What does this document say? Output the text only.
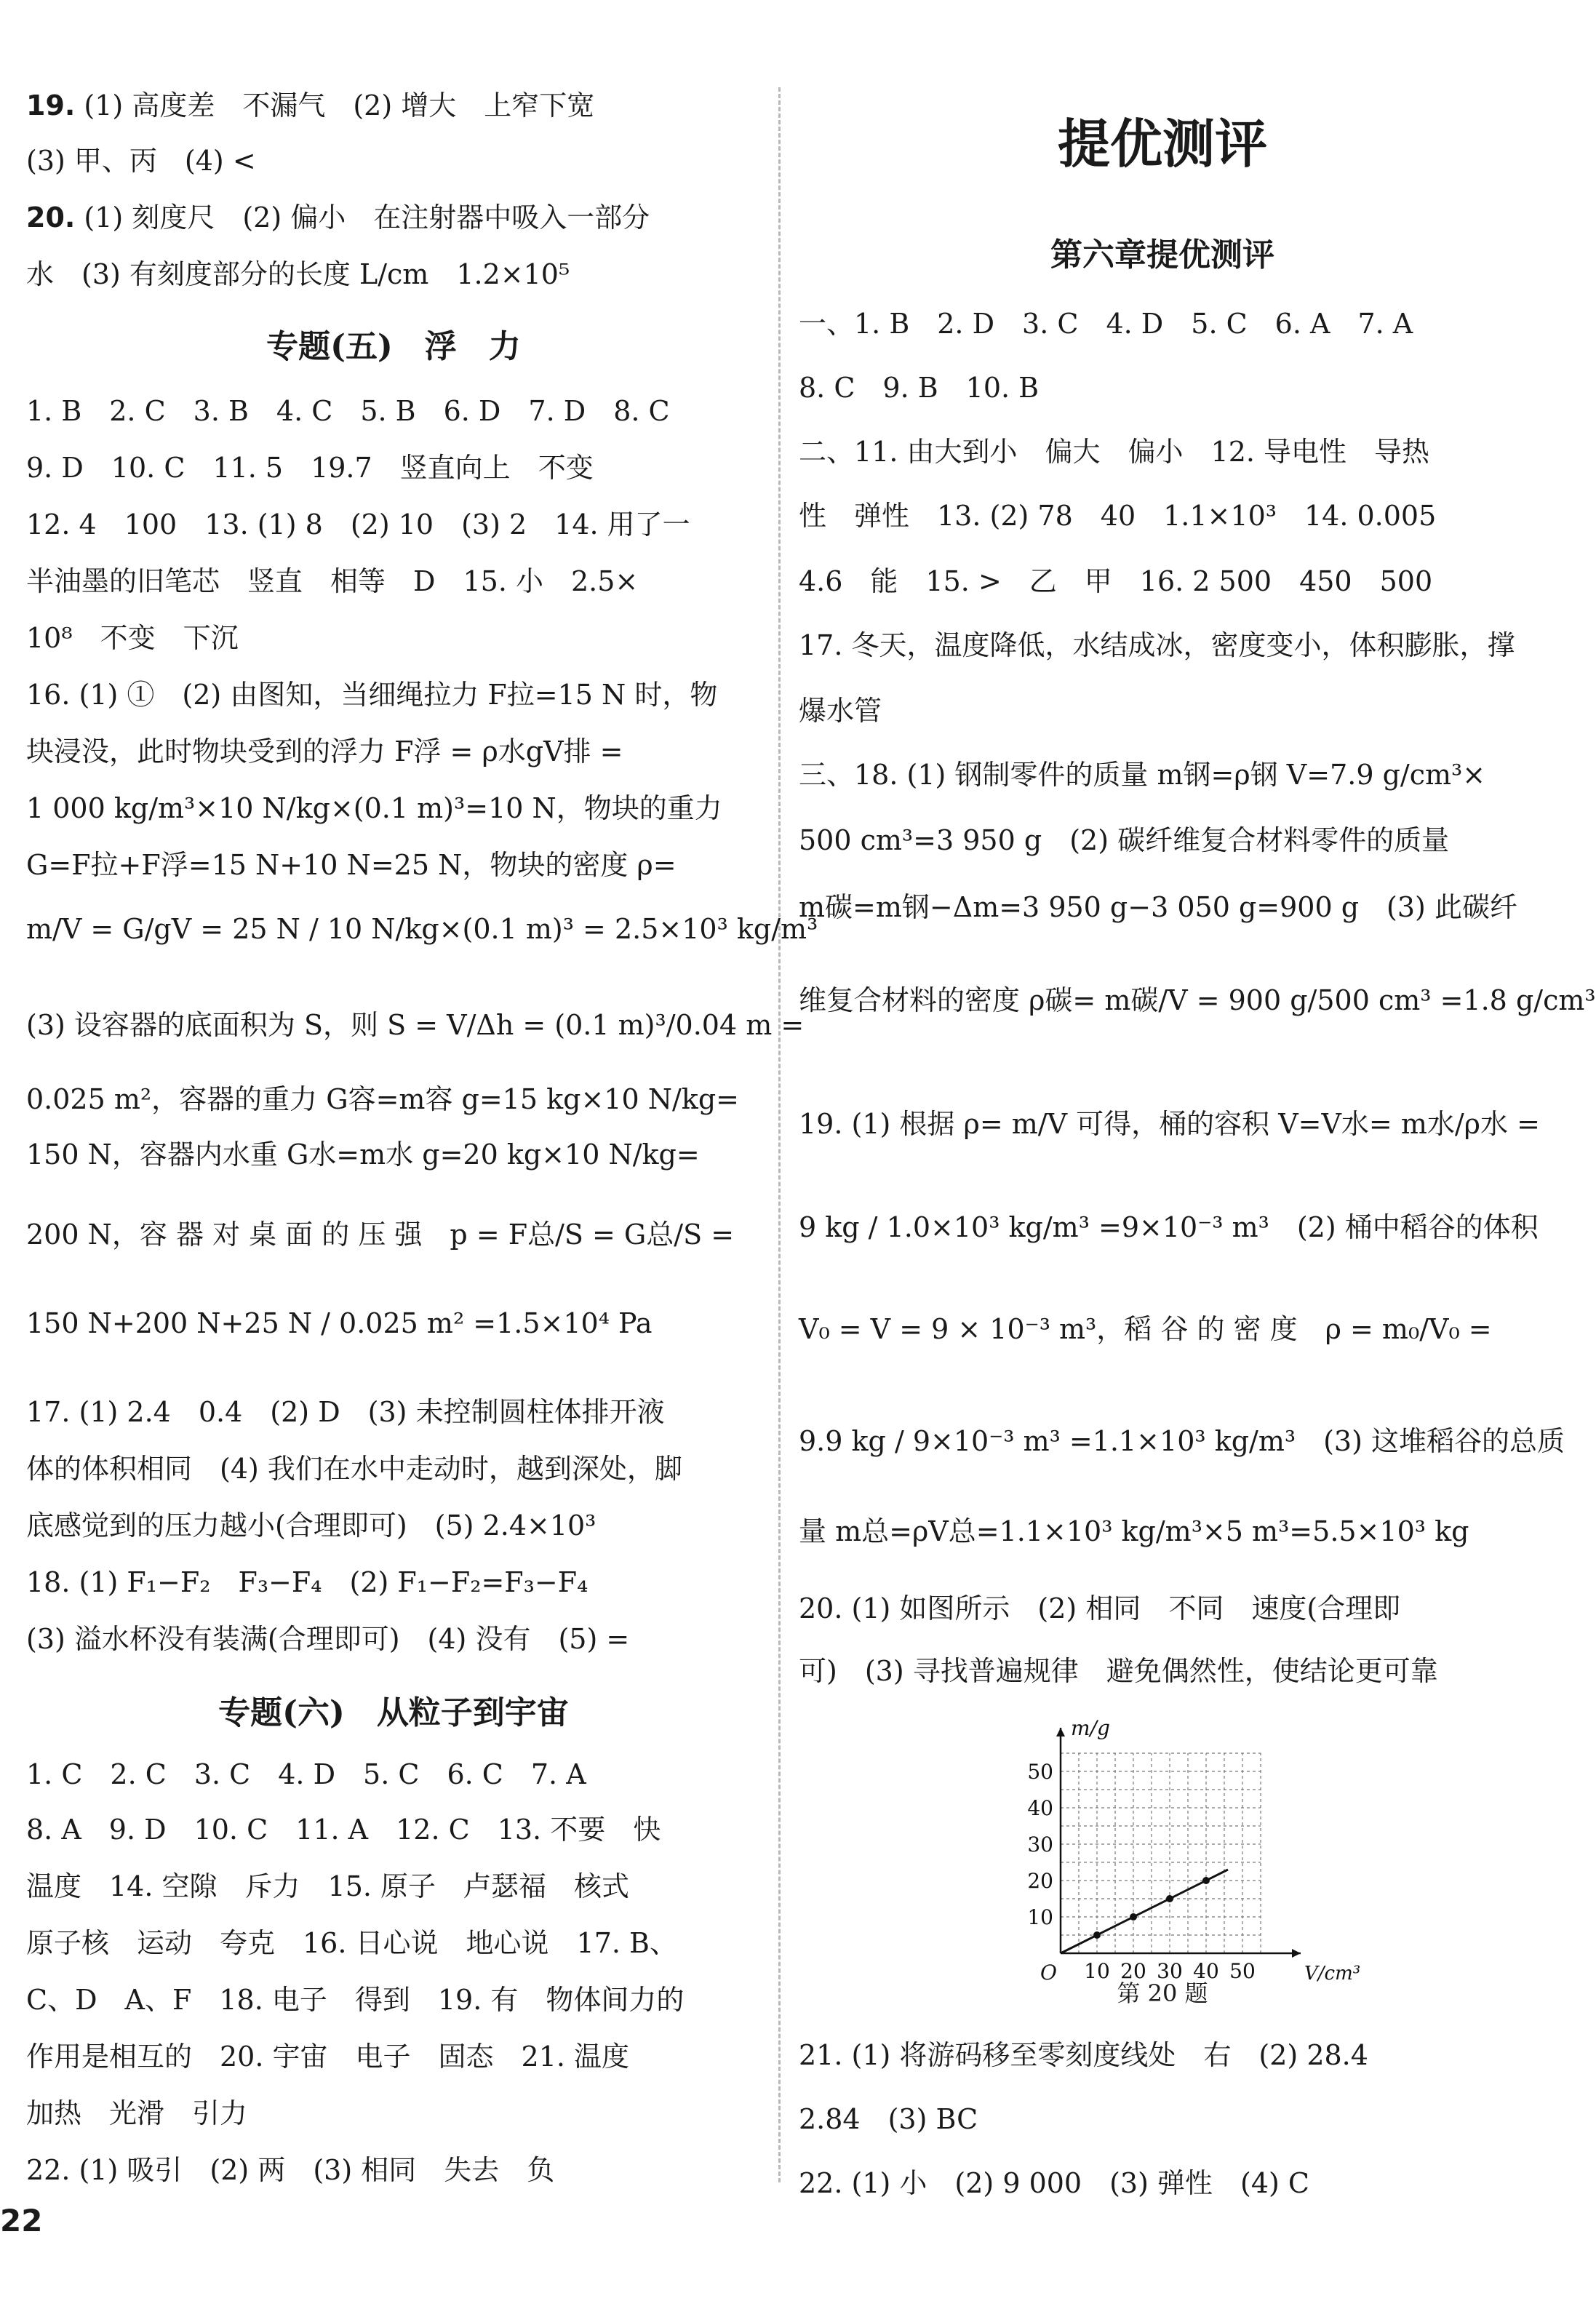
19. (1) 高度差　不漏气　(2) 增大　上窄下宽
(3) 甲、丙　(4) <
20. (1) 刻度尺　(2) 偏小　在注射器中吸入一部分
水　(3) 有刻度部分的长度 L/cm　1.2×10⁵
专题(五)　浮　力
1. B　2. C　3. B　4. C　5. B　6. D　7. D　8. C
9. D　10. C　11. 5　19.7　竖直向上　不变
12. 4　100　13. (1) 8　(2) 10　(3) 2　14. 用了一
半油墨的旧笔芯　竖直　相等　D　15. 小　2.5×
10⁸　不变　下沉
16. (1) ①　(2) 由图知，当细绳拉力 F拉=15 N 时，物
块浸没，此时物块受到的浮力 F浮 = ρ水gV排 =
1 000 kg/m³×10 N/kg×(0.1 m)³=10 N，物块的重力
G=F拉+F浮=15 N+10 N=25 N，物块的密度 ρ=
m/V = G/gV = 25 N / 10 N/kg×(0.1 m)³ = 2.5×10³ kg/m³
(3) 设容器的底面积为 S，则 S = V/Δh = (0.1 m)³/0.04 m =
0.025 m²，容器的重力 G容=m容 g=15 kg×10 N/kg=
150 N，容器内水重 G水=m水 g=20 kg×10 N/kg=
200 N，容 器 对 桌 面 的 压 强　p = F总/S = G总/S =
150 N+200 N+25 N / 0.025 m² =1.5×10⁴ Pa
17. (1) 2.4　0.4　(2) D　(3) 未控制圆柱体排开液
体的体积相同　(4) 我们在水中走动时，越到深处，脚
底感觉到的压力越小(合理即可)　(5) 2.4×10³
18. (1) F₁−F₂　F₃−F₄　(2) F₁−F₂=F₃−F₄
(3) 溢水杯没有装满(合理即可)　(4) 没有　(5) =
专题(六)　从粒子到宇宙
1. C　2. C　3. C　4. D　5. C　6. C　7. A
8. A　9. D　10. C　11. A　12. C　13. 不要　快
温度　14. 空隙　斥力　15. 原子　卢瑟福　核式
原子核　运动　夸克　16. 日心说　地心说　17. B、
C、D　A、F　18. 电子　得到　19. 有　物体间力的
作用是相互的　20. 宇宙　电子　固态　21. 温度
加热　光滑　引力
22. (1) 吸引　(2) 两　(3) 相同　失去　负
提优测评
第六章提优测评
一、1. B　2. D　3. C　4. D　5. C　6. A　7. A
8. C　9. B　10. B
二、11. 由大到小　偏大　偏小　12. 导电性　导热
性　弹性　13. (2) 78　40　1.1×10³　14. 0.005
4.6　能　15. >　乙　甲　16. 2 500　450　500
17. 冬天，温度降低，水结成冰，密度变小，体积膨胀，撑
爆水管
三、18. (1) 钢制零件的质量 m钢=ρ钢 V=7.9 g/cm³×
500 cm³=3 950 g　(2) 碳纤维复合材料零件的质量
m碳=m钢−Δm=3 950 g−3 050 g=900 g　(3) 此碳纤
维复合材料的密度 ρ碳= m碳/V = 900 g/500 cm³ =1.8 g/cm³
19. (1) 根据 ρ= m/V 可得，桶的容积 V=V水= m水/ρ水 =
9 kg / 1.0×10³ kg/m³ =9×10⁻³ m³　(2) 桶中稻谷的体积
V₀ = V = 9 × 10⁻³ m³，稻 谷 的 密 度　ρ = m₀/V₀ =
9.9 kg / 9×10⁻³ m³ =1.1×10³ kg/m³　(3) 这堆稻谷的总质
量 m总=ρV总=1.1×10³ kg/m³×5 m³=5.5×10³ kg
20. (1) 如图所示　(2) 相同　不同　速度(合理即
可)　(3) 寻找普遍规律　避免偶然性，使结论更可靠
10 20 30 40 50
10
20
30
40
50
O	V/cm³
m/g
第 20 题
21. (1) 将游码移至零刻度线处　右　(2) 28.4
2.84　(3) BC
22. (1) 小　(2) 9 000　(3) 弹性　(4) C
22
